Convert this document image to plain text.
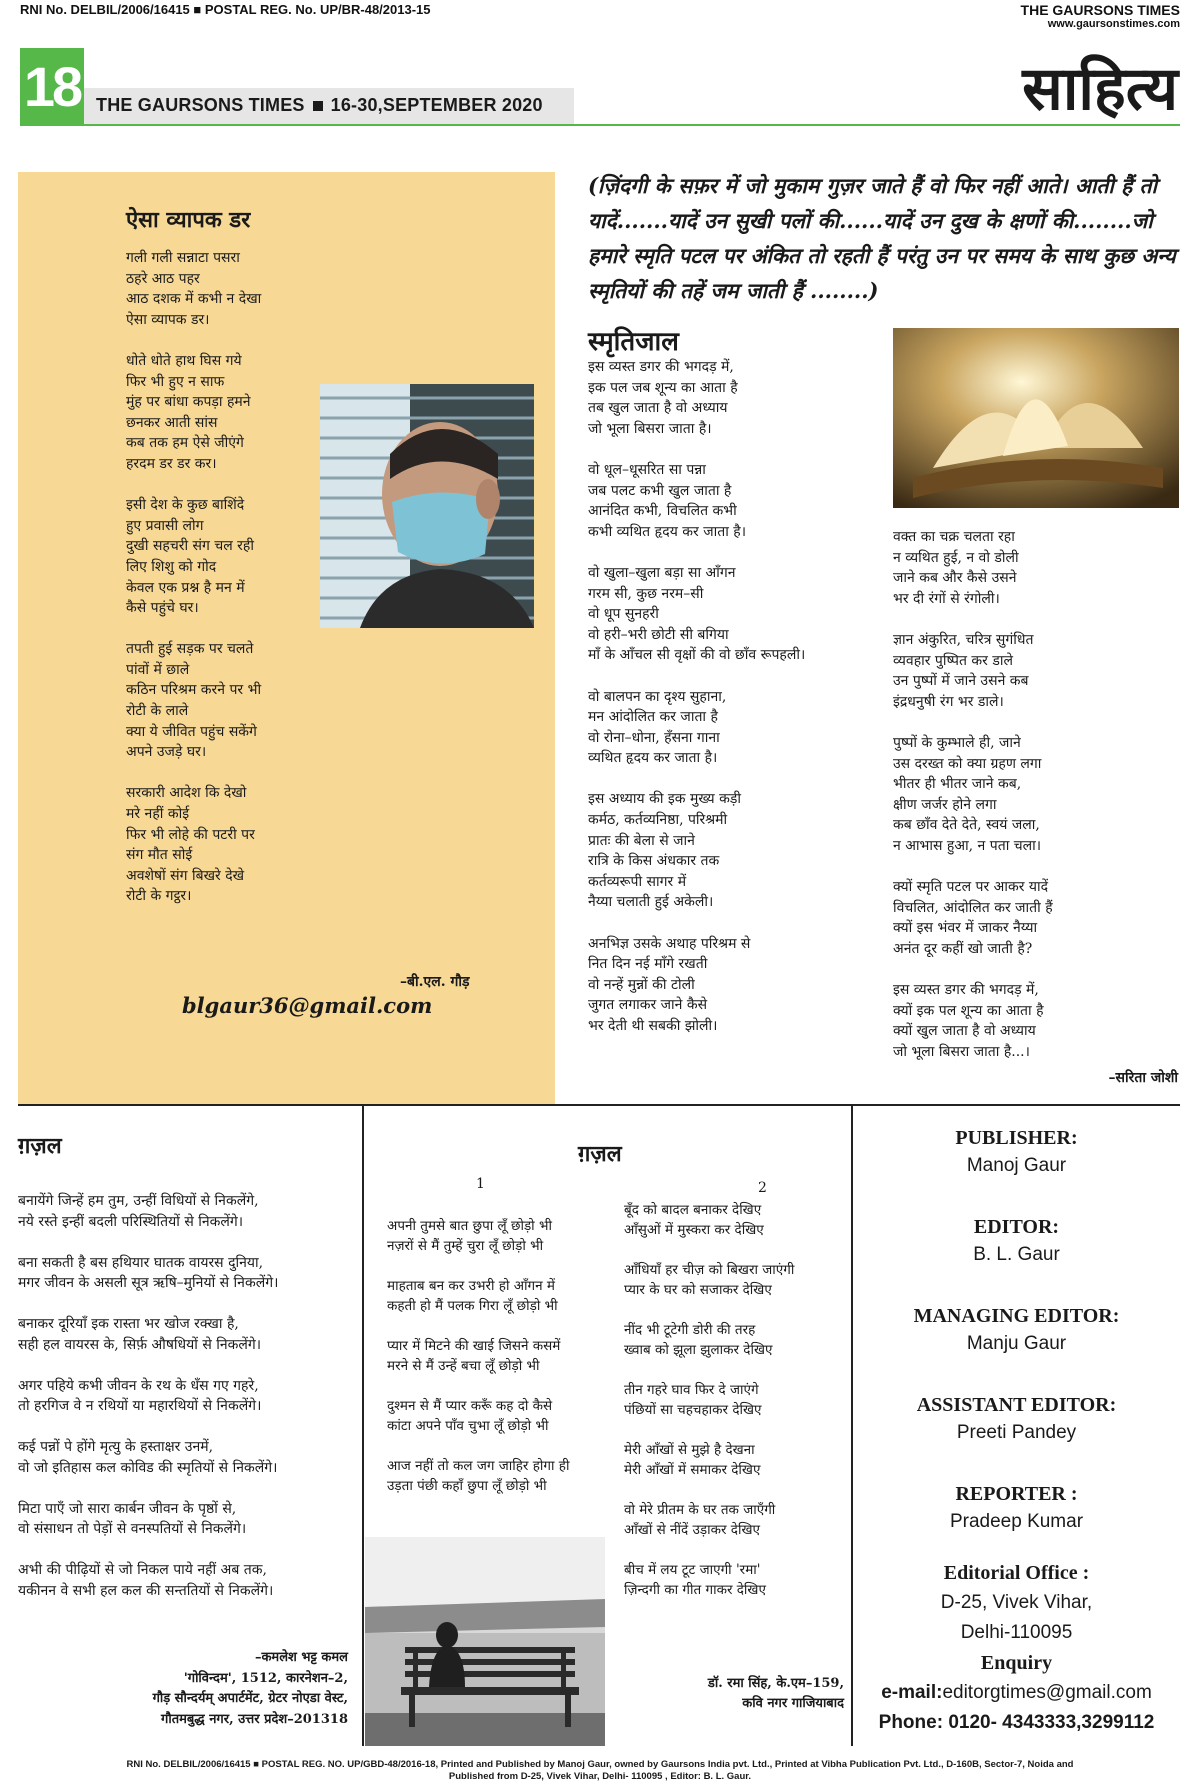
RNI No. DELBIL/2006/16415 ■ POSTAL REG. No. UP/BR-48/2013-15	THE GAURSONS TIMES
www.gaursonstimes.com
18 THE GAURSONS TIMES 16-30,SEPTEMBER 2020	साहित्य
ऐसा व्यापक डर
गली गली सन्नाटा पसरा
ठहरे आठ पहर
आठ दशक में कभी न देखा
ऐसा व्यापक डर।

धोते धोते हाथ घिस गये
फिर भी हुए न साफ
मुंह पर बांधा कपड़ा हमने
छनकर आती सांस
कब तक हम ऐसे जीएंगे
हरदम डर डर कर।

इसी देश के कुछ बाशिंदे
हुए प्रवासी लोग
दुखी सहचरी संग चल रही
लिए शिशु को गोद
केवल एक प्रश्न है मन में
कैसे पहुंचे घर।

तपती हुई सड़क पर चलते
पांवों में छाले
कठिन परिश्रम करने पर भी
रोटी के लाले
क्या ये जीवित पहुंच सकेंगे
अपने उजड़े घर।

सरकारी आदेश कि देखो
मरे नहीं कोई
फिर भी लोहे की पटरी पर
संग मौत सोई
अवशेषों संग बिखरे देखे
रोटी के गट्ठर।
–बी.एल. गौड़
blgaur36@gmail.com
(ज़िंदगी के सफ़र में जो मुकाम गुज़र जाते हैं वो फिर नहीं आते। आती हैं तो यादें.......यादें उन सुखी पलों की......यादें उन दुख के क्षणों की........जो हमारे स्मृति पटल पर अंकित तो रहती हैं परंतु उन पर समय के साथ कुछ अन्य स्मृतियों की तहें जम जाती हैं ........)
स्मृतिजाल
इस व्यस्त डगर की भगदड़ में,
इक पल जब शून्य का आता है
तब खुल जाता है वो अध्याय
जो भूला बिसरा जाता है।

वो धूल–धूसरित सा पन्ना
जब पलट कभी खुल जाता है
आनंदित कभी, विचलित कभी
कभी व्यथित हृदय कर जाता है।

वो खुला–खुला बड़ा सा आँगन
गरम सी, कुछ नरम–सी
वो धूप सुनहरी
वो हरी–भरी छोटी सी बगिया
माँ के आँचल सी वृक्षों की वो छाँव रूपहली।

वो बालपन का दृश्य सुहाना,
मन आंदोलित कर जाता है
वो रोना–धोना, हँसना गाना
व्यथित हृदय कर जाता है।

इस अध्याय की इक मुख्य कड़ी
कर्मठ, कर्तव्यनिष्ठा, परिश्रमी
प्रातः की बेला से जाने
रात्रि के किस अंधकार तक
कर्तव्यरूपी सागर में
नैय्या चलाती हुई अकेली।

अनभिज्ञ उसके अथाह परिश्रम से
नित दिन नई माँगे रखती
वो नन्हें मुन्नों की टोली
जुगत लगाकर जाने कैसे
भर देती थी सबकी झोली।
वक्त का चक्र चलता रहा
न व्यथित हुई, न वो डोली
जाने कब और कैसे उसने
भर दी रंगों से रंगोली।

ज्ञान अंकुरित, चरित्र सुगंधित
व्यवहार पुष्पित कर डाले
उन पुष्पों में जाने उसने कब
इंद्रधनुषी रंग भर डाले।

पुष्पों के कुम्भाले ही, जाने
उस दरख्त को क्या ग्रहण लगा
भीतर ही भीतर जाने कब,
क्षीण जर्जर होने लगा
कब छाँव देते देते, स्वयं जला,
न आभास हुआ, न पता चला।

क्यों स्मृति पटल पर आकर यादें
विचलित, आंदोलित कर जाती हैं
क्यों इस भंवर में जाकर नैय्या
अनंत दूर कहीं खो जाती है?

इस व्यस्त डगर की भगदड़ में,
क्यों इक पल शून्य का आता है
क्यों खुल जाता है वो अध्याय
जो भूला बिसरा जाता है...।
–सरिता जोशी
ग़ज़ल
बनायेंगे जिन्हें हम तुम, उन्हीं विधियों से निकलेंगे,
नये रस्ते इन्हीं बदली परिस्थितियों से निकलेंगे।

बना सकती है बस हथियार घातक वायरस दुनिया,
मगर जीवन के असली सूत्र ऋषि–मुनियों से निकलेंगे।

बनाकर दूरियाँ इक रास्ता भर खोज रक्खा है,
सही हल वायरस के, सिर्फ़ औषधियों से निकलेंगे।

अगर पहिये कभी जीवन के रथ के धँस गए गहरे,
तो हरगिज वे न रथियों या महारथियों से निकलेंगे।

कई पन्नों पे होंगे मृत्यु के हस्ताक्षर उनमें,
वो जो इतिहास कल कोविड की स्मृतियों से निकलेंगे।

मिटा पाएँ जो सारा कार्बन जीवन के पृष्ठों से,
वो संसाधन तो पेड़ों से वनस्पतियों से निकलेंगे।

अभी की पीढ़ियों से जो निकल पाये नहीं अब तक,
यकीनन वे सभी हल कल की सन्ततियों से निकलेंगे।
–कमलेश भट्ट कमल
'गोविन्दम', 1512, कारनेशन–2,
गौड़ सौन्दर्यम् अपार्टमेंट, ग्रेटर नोएडा वेस्ट,
गौतमबुद्ध नगर, उत्तर प्रदेश–201318
ग़ज़ल
1	2
अपनी तुमसे बात छुपा लूँ छोड़ो भी
नज़रों से मैं तुम्हें चुरा लूँ छोड़ो भी

माहताब बन कर उभरी हो आँगन में
कहती हो मैं पलक गिरा लूँ छोड़ो भी

प्यार में मिटने की खाई जिसने कसमें
मरने से मैं उन्हें बचा लूँ छोड़ो भी

दुश्मन से मैं प्यार करूँ कह दो कैसे
कांटा अपने पाँव चुभा लूँ छोड़ो भी

आज नहीं तो कल जग जाहिर होगा ही
उड़ता पंछी कहाँ छुपा लूँ छोड़ो भी
बूँद को बादल बनाकर देखिए
आँसुओं में मुस्करा कर देखिए

आँधियाँ हर चीज़ को बिखरा जाएंगी
प्यार के घर को सजाकर देखिए

नींद भी टूटेगी डोरी की तरह
ख्वाब को झूला झुलाकर देखिए

तीन गहरे घाव फिर दे जाएंगे
पंछियों सा चहचहाकर देखिए

मेरी आँखों से मुझे है देखना
मेरी आँखों में समाकर देखिए

वो मेरे प्रीतम के घर तक जाएँगी
आँखों से नींदें उड़ाकर देखिए

बीच में लय टूट जाएगी 'रमा'
ज़िन्दगी का गीत गाकर देखिए
डॉ. रमा सिंह, के.एम–159,
कवि नगर गाजियाबाद
PUBLISHER:
Manoj Gaur
EDITOR:
B. L. Gaur
MANAGING EDITOR:
Manju Gaur
ASSISTANT EDITOR:
Preeti Pandey
REPORTER :
Pradeep Kumar
Editorial Office :
D-25, Vivek Vihar,
Delhi-110095
Enquiry
e-mail:editorgtimes@gmail.com
Phone: 0120- 4343333,3299112
RNI No. DELBIL/2006/16415 ■ POSTAL REG. NO. UP/GBD-48/2016-18, Printed and Published by Manoj Gaur, owned by Gaursons India pvt. Ltd., Printed at Vibha Publication Pvt. Ltd., D-160B, Sector-7, Noida and
Published from D-25, Vivek Vihar, Delhi- 110095 , Editor: B. L. Gaur.
